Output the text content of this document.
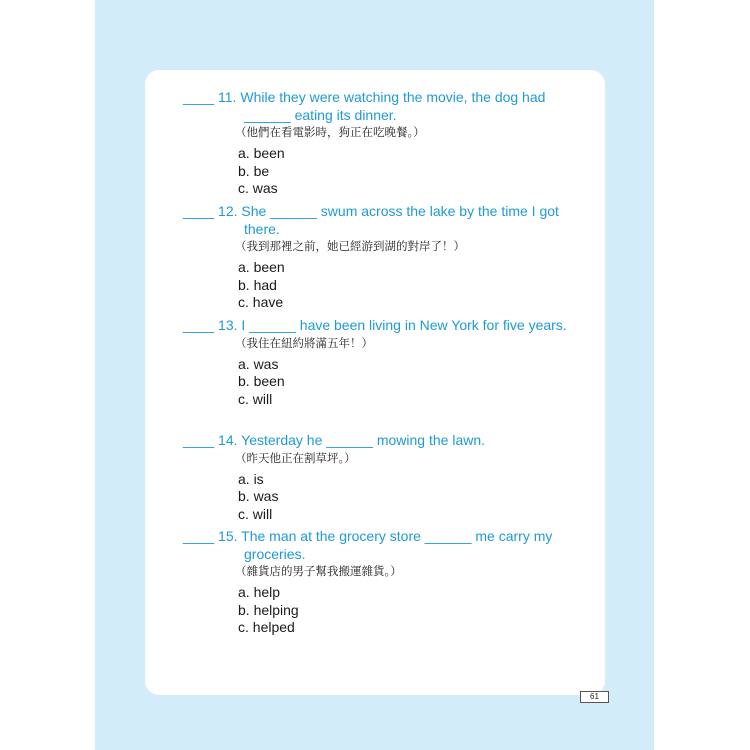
____ 11. While they were watching the movie, the dog had ______ eating its dinner.
（他們在看電影時，狗正在吃晚餐。）
a. been
b. be
c. was
____ 12. She ______ swum across the lake by the time I got there.
（我到那裡之前，她已經游到湖的對岸了！）
a. been
b. had
c. have
____ 13. I ______ have been living in New York for five years.
（我住在紐約將滿五年！）
a. was
b. been
c. will
____ 14. Yesterday he ______ mowing the lawn.
（昨天他正在割草坪。）
a. is
b. was
c. will
____ 15. The man at the grocery store ______ me carry my groceries.
（雜貨店的男子幫我搬運雜貨。）
a. help
b. helping
c. helped
61
